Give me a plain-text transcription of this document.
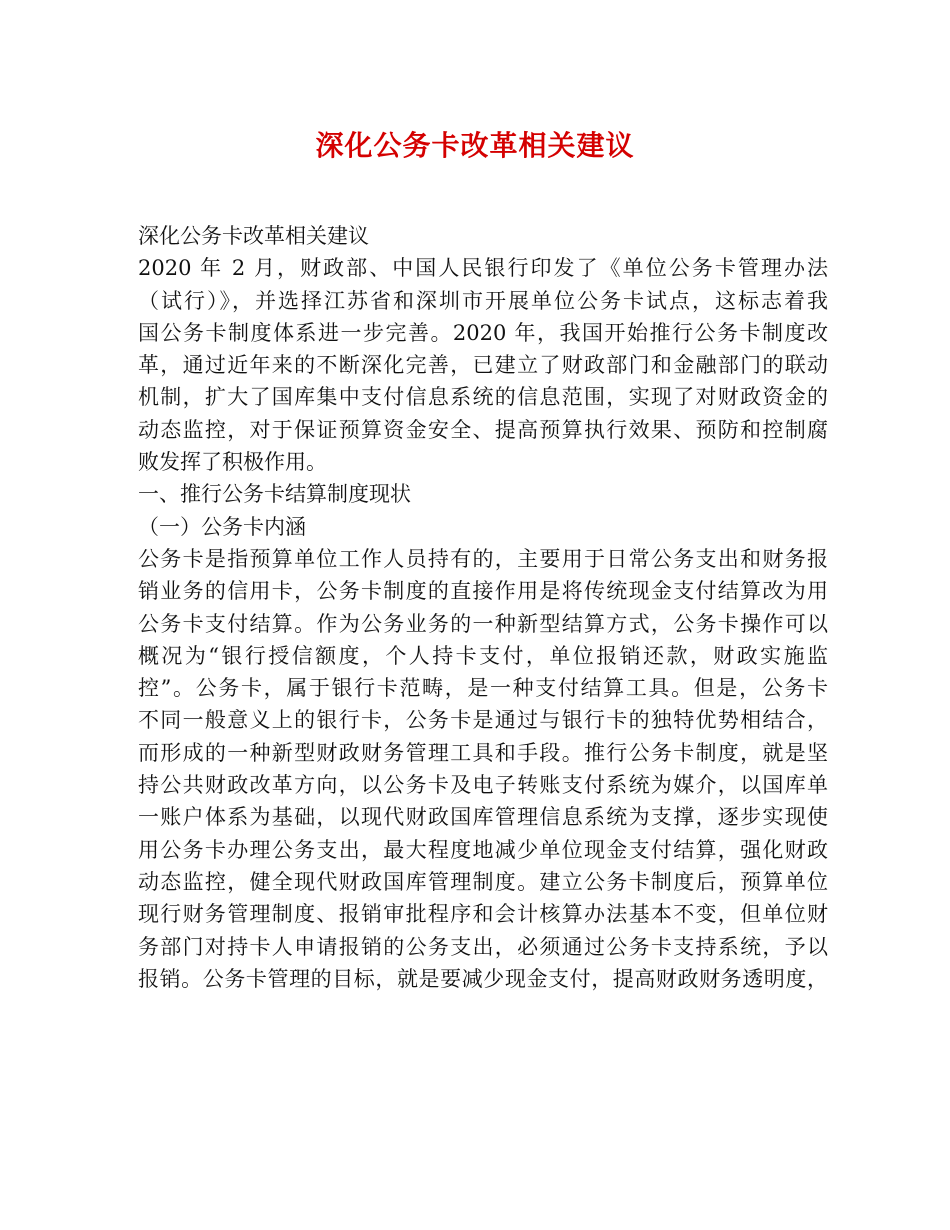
深化公务卡改革相关建议
深化公务卡改革相关建议
2020 年 2 月，财政部、中国人民银行印发了《单位公务卡管理办法
（试行）》，并选择江苏省和深圳市开展单位公务卡试点，这标志着我
国公务卡制度体系进一步完善。2020 年，我国开始推行公务卡制度改
革，通过近年来的不断深化完善，已建立了财政部门和金融部门的联动
机制，扩大了国库集中支付信息系统的信息范围，实现了对财政资金的
动态监控，对于保证预算资金安全、提高预算执行效果、预防和控制腐
败发挥了积极作用。
一、推行公务卡结算制度现状
（一）公务卡内涵
公务卡是指预算单位工作人员持有的，主要用于日常公务支出和财务报
销业务的信用卡，公务卡制度的直接作用是将传统现金支付结算改为用
公务卡支付结算。作为公务业务的一种新型结算方式，公务卡操作可以
概况为“银行授信额度，个人持卡支付，单位报销还款，财政实施监
控”。公务卡，属于银行卡范畴，是一种支付结算工具。但是，公务卡
不同一般意义上的银行卡，公务卡是通过与银行卡的独特优势相结合，
而形成的一种新型财政财务管理工具和手段。推行公务卡制度，就是坚
持公共财政改革方向，以公务卡及电子转账支付系统为媒介，以国库单
一账户体系为基础，以现代财政国库管理信息系统为支撑，逐步实现使
用公务卡办理公务支出，最大程度地减少单位现金支付结算，强化财政
动态监控，健全现代财政国库管理制度。建立公务卡制度后，预算单位
现行财务管理制度、报销审批程序和会计核算办法基本不变，但单位财
务部门对持卡人申请报销的公务支出，必须通过公务卡支持系统，予以
报销。公务卡管理的目标，就是要减少现金支付，提高财政财务透明度，
